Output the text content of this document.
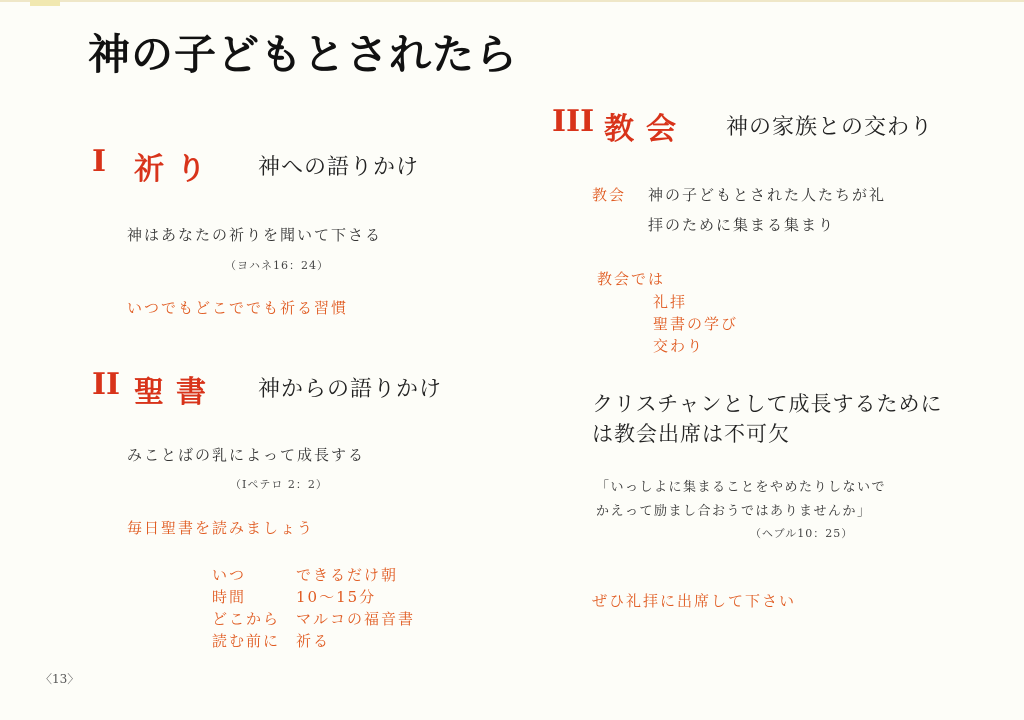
神の子どもとされたら
I 祈り 神への語りかけ
神はあなたの祈りを聞いて下さる
（ヨハネ16：24）
いつでもどこででも祈る習慣
II 聖書 神からの語りかけ
みことばの乳によって成長する
（Iペテロ 2：2）
毎日聖書を読みましょう
いつ	できるだけ朝
時間	10～15分
どこから マルコの福音書
読む前に 祈る
III 教会 神の家族との交わり
教会 神の子どもとされた人たちが礼
拝のために集まる集まり
教会では
礼拝
聖書の学び
交わり
クリスチャンとして成長するために
は教会出席は不可欠
「いっしよに集まることをやめたりしないで
かえって励まし合おうではありませんか」
（ヘブル10：25）
ぜひ礼拝に出席して下さい
〈13〉
